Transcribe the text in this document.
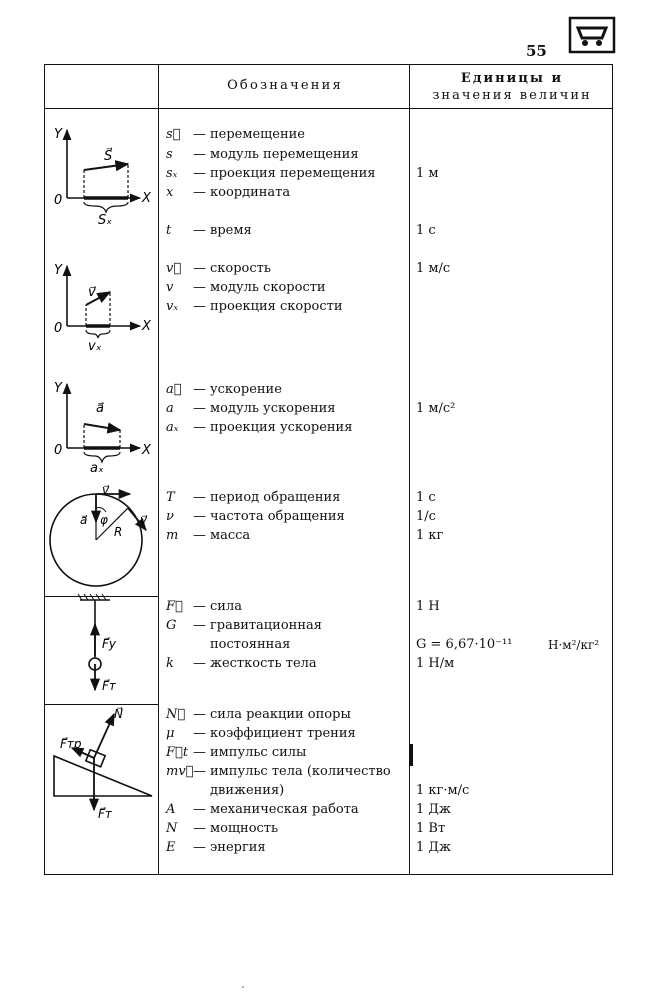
55
Обозначения	Единицы и
значения величин
s⃗ — перемещение
s	— модуль перемещения
sₓ	— проекция перемещения	1 м
x	— координата
t	— время	1 с
v⃗ — скорость	1 м/с
v	— модуль скорости
vₓ	— проекция скорости
a⃗ — ускорение
a	— модуль ускорения	1 м/с²
aₓ	— проекция ускорения
T	— период обращения	1 с
ν	— частота обращения	1/с
m	— масса	1 кг
F⃗ — сила	1 Н
G	— гравитационная
постоянная	G = 6,67·10⁻¹¹	Н·м²/кг²
k	— жесткость тела	1 Н/м
N⃗ — сила реакции опоры
μ	— коэффициент трения
F⃗t — импульс силы
mv⃗ — импульс тела (количество
движения)	1 кг·м/с
A	— механическая работа	1 Дж
N	— мощность	1 Вт
E	— энергия	1 Дж
Y
X
0
S⃗
Sₓ
Y
X
0
v⃗
vₓ
Y
X
0
a⃗
aₓ
v⃗
v⃗
a⃗ φ
R
F⃗y
F⃗т
N⃗
F⃗тр
F⃗т
